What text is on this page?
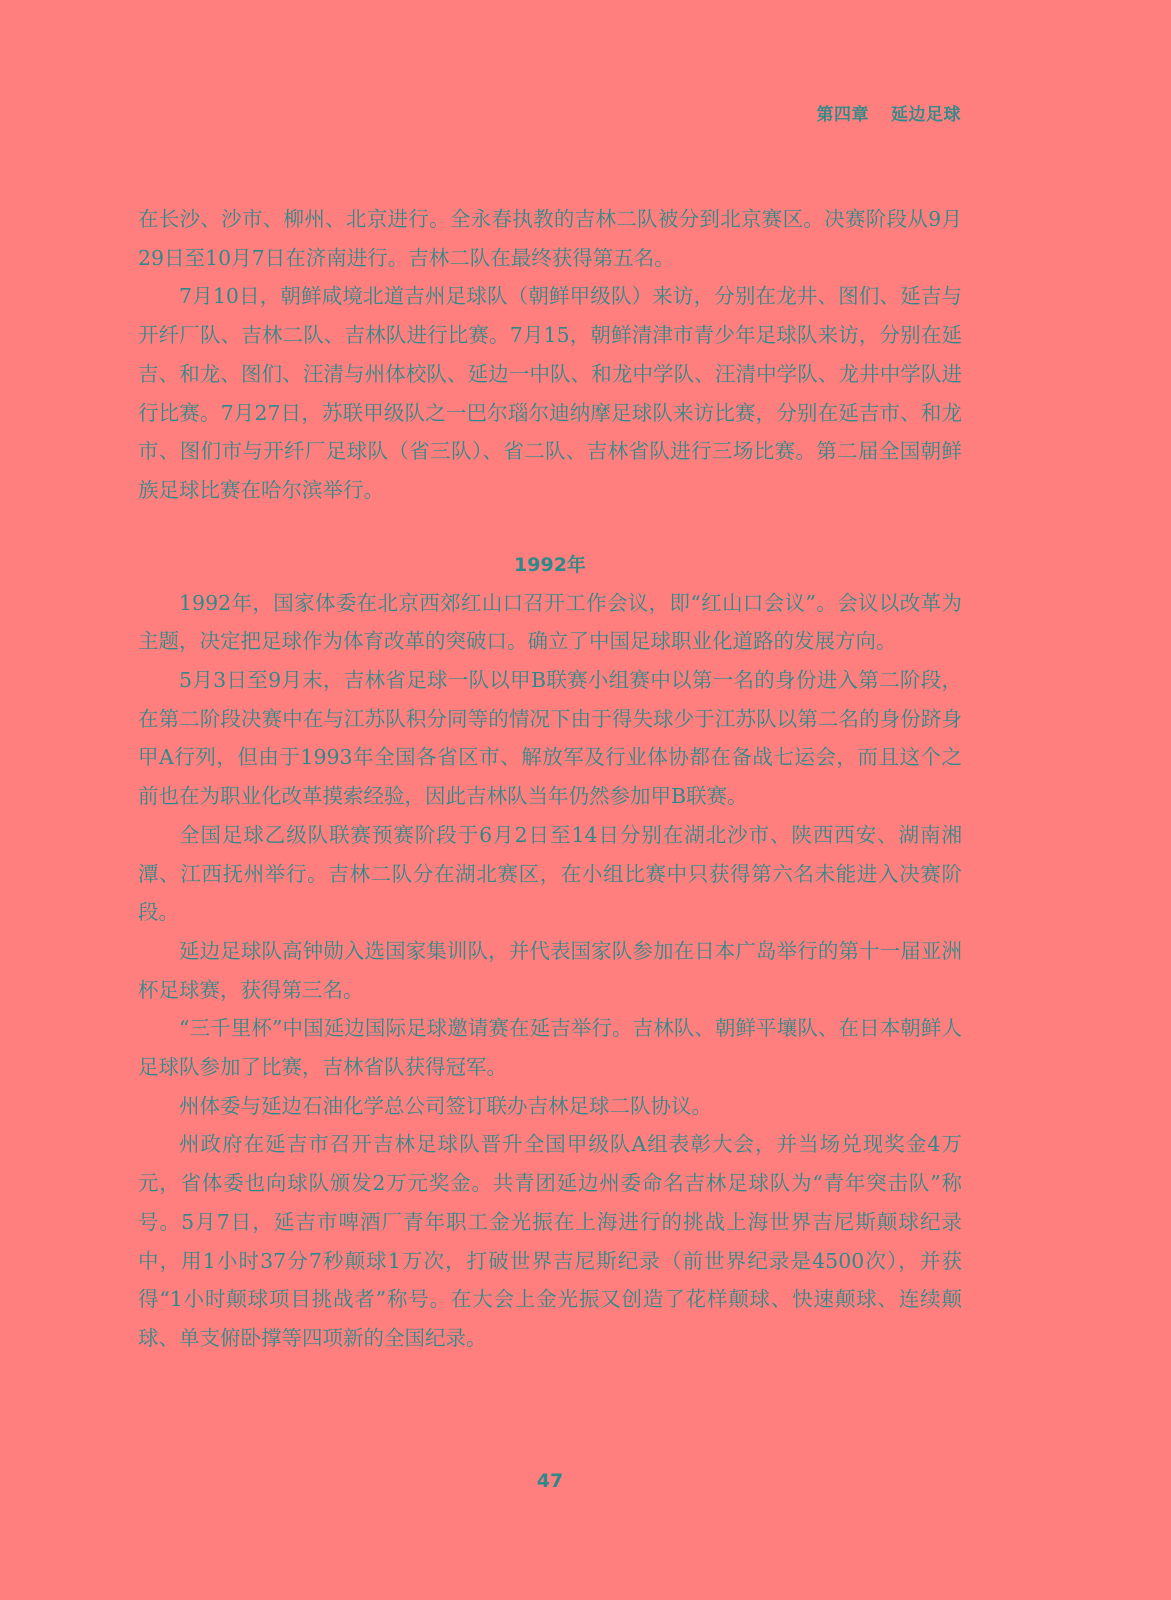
第四章 延边足球

在长沙、沙市、柳州、北京进行。全永春执教的吉林二队被分到北京赛区。决赛阶段从9月29日至10月7日在济南进行。吉林二队在最终获得第五名。

7月10日，朝鲜咸境北道吉州足球队（朝鲜甲级队）来访，分别在龙井、图们、延吉与开纤厂队、吉林二队、吉林队进行比赛。7月15，朝鲜清津市青少年足球队来访，分别在延吉、和龙、图们、汪清与州体校队、延边一中队、和龙中学队、汪清中学队、龙井中学队进行比赛。7月27日，苏联甲级队之一巴尔瑙尔迪纳摩足球队来访比赛，分别在延吉市、和龙市、图们市与开纤厂足球队（省三队）、省二队、吉林省队进行三场比赛。第二届全国朝鲜族足球比赛在哈尔滨举行。

1992年

1992年，国家体委在北京西郊红山口召开工作会议，即“红山口会议”。会议以改革为主题，决定把足球作为体育改革的突破口。确立了中国足球职业化道路的发展方向。

5月3日至9月末，吉林省足球一队以甲B联赛小组赛中以第一名的身份进入第二阶段，在第二阶段决赛中在与江苏队积分同等的情况下由于得失球少于江苏队以第二名的身份跻身甲A行列，但由于1993年全国各省区市、解放军及行业体协都在备战七运会，而且这个之前也在为职业化改革摸索经验，因此吉林队当年仍然参加甲B联赛。

全国足球乙级队联赛预赛阶段于6月2日至14日分别在湖北沙市、陕西西安、湖南湘潭、江西抚州举行。吉林二队分在湖北赛区，在小组比赛中只获得第六名未能进入决赛阶段。

延边足球队高钟勋入选国家集训队，并代表国家队参加在日本广岛举行的第十一届亚洲杯足球赛，获得第三名。

“三千里杯”中国延边国际足球邀请赛在延吉举行。吉林队、朝鲜平壤队、在日本朝鲜人足球队参加了比赛，吉林省队获得冠军。

州体委与延边石油化学总公司签订联办吉林足球二队协议。

州政府在延吉市召开吉林足球队晋升全国甲级队A组表彰大会，并当场兑现奖金4万元，省体委也向球队颁发2万元奖金。共青团延边州委命名吉林足球队为“青年突击队”称号。5月7日，延吉市啤酒厂青年职工金光振在上海进行的挑战上海世界吉尼斯颠球纪录中，用1小时37分7秒颠球1万次，打破世界吉尼斯纪录（前世界纪录是4500次），并获得“1小时颠球项目挑战者”称号。在大会上金光振又创造了花样颠球、快速颠球、连续颠球、单支俯卧撑等四项新的全国纪录。

47
